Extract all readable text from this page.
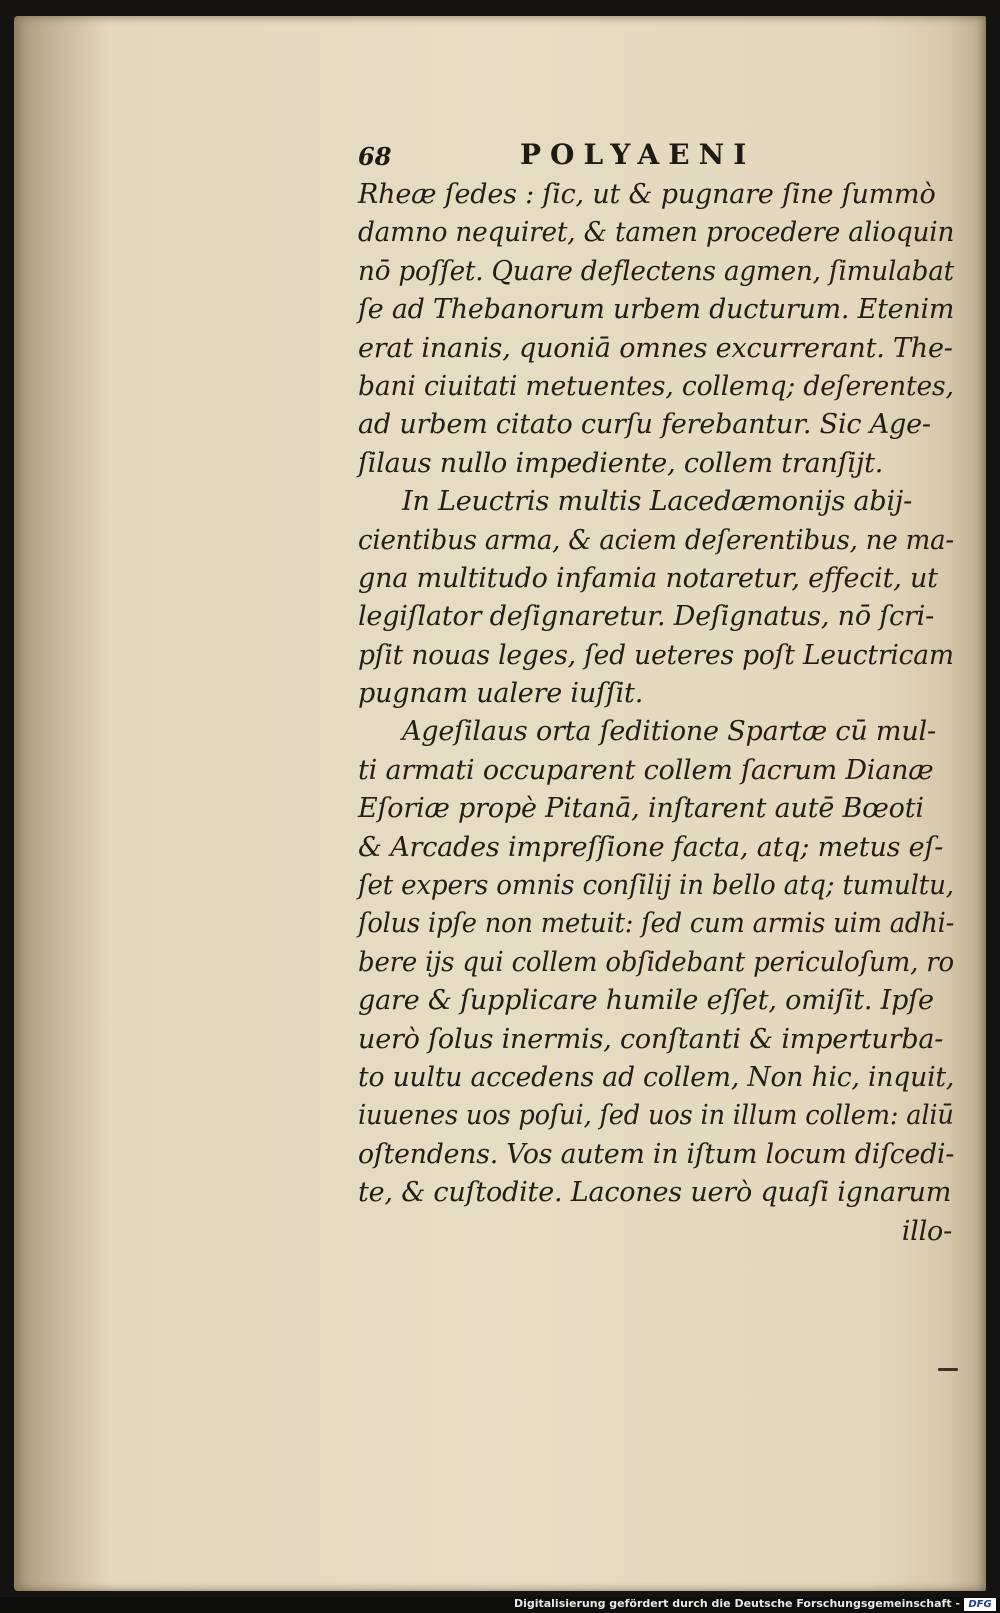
68	POLYAENI
Rheæ ſedes : ſic, ut & pugnare ſine ſummò
damno nequiret, & tamen procedere alioquin
nō poſſet. Quare deflectens agmen, ſimulabat
ſe ad Thebanorum urbem ducturum. Etenim
erat inanis, quoniā omnes excurrerant. The-
bani ciuitati metuentes, collemq; deſerentes,
ad urbem citato curſu ferebantur. Sic Age-
ſilaus nullo impediente, collem tranſijt.
In Leuctris multis Lacedæmonijs abij-
cientibus arma, & aciem deſerentibus, ne ma-
gna multitudo infamia notaretur, effecit, ut
legiſlator deſignaretur. Deſignatus, nō ſcri-
pſit nouas leges, ſed ueteres poſt Leuctricam
pugnam ualere iuſſit.
Ageſilaus orta ſeditione Spartæ cū mul-
ti armati occuparent collem ſacrum Dianæ
Eſoriæ propè Pitanā, inſtarent autē Bœoti
& Arcades impreſſione facta, atq; metus eſ-
ſet expers omnis conſilij in bello atq; tumultu,
ſolus ipſe non metuit: ſed cum armis uim adhi-
bere ijs qui collem obſidebant periculoſum, ro
gare & ſupplicare humile eſſet, omiſit. Ipſe
uerò ſolus inermis, conſtanti & imperturba-
to uultu accedens ad collem, Non hic, inquit,
iuuenes uos poſui, ſed uos in illum collem: aliū
oſtendens. Vos autem in iſtum locum diſcedi-
te, & cuſtodite. Lacones uerò quaſi ignarum
illo-
Digitalisierung gefördert durch die Deutsche Forschungsgemeinschaft - DFG
